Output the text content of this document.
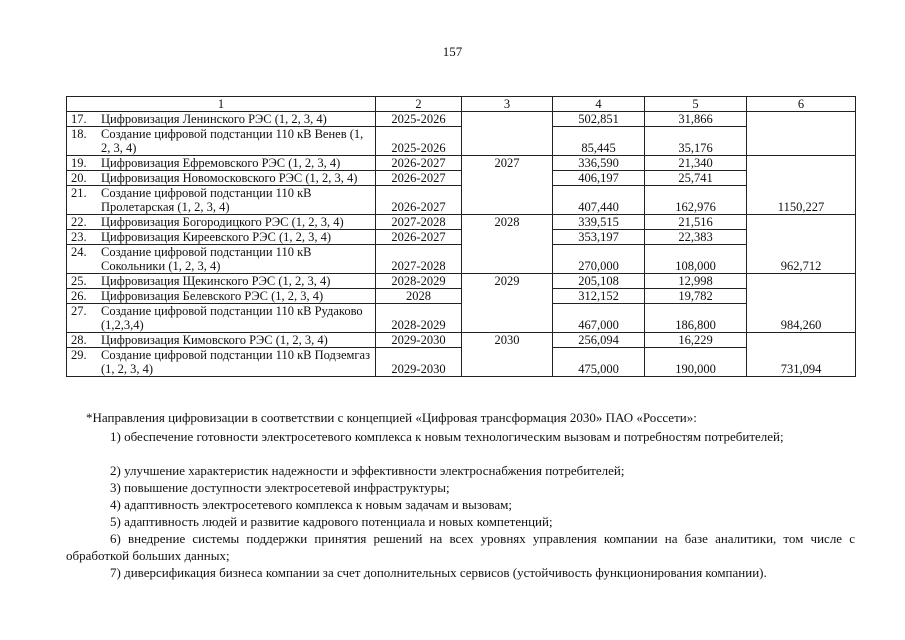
157
1	2	3	4	5	6

17. Цифровизация Ленинского РЭС (1, 2, 3, 4)	2025-2026		502,851	31,866	

18. Создание цифровой подстанции 110 кВ Венев (1, 2, 3, 4)	2025-2026		85,445	35,176	

19. Цифровизация Ефремовского РЭС (1, 2, 3, 4)	2026-2027	2027	336,590	21,340	1150,227

20. Цифровизация Новомосковского РЭС (1, 2, 3, 4)	2026-2027		406,197	25,741	

21. Создание цифровой подстанции 110 кВ Пролетарская (1, 2, 3, 4)	2026-2027		407,440	162,976	

22. Цифровизация Богородицкого РЭС (1, 2, 3, 4)	2027-2028	2028	339,515	21,516	962,712

23. Цифровизация Киреевского РЭС (1, 2, 3, 4)	2026-2027		353,197	22,383	

24. Создание цифровой подстанции 110 кВ Сокольники (1, 2, 3, 4)	2027-2028		270,000	108,000	

25. Цифровизация Щекинского РЭС (1, 2, 3, 4)	2028-2029	2029	205,108	12,998	984,260

26. Цифровизация Белевского РЭС (1, 2, 3, 4)	2028		312,152	19,782	

27. Создание цифровой подстанции 110 кВ Рудаково (1,2,3,4)	2028-2029		467,000	186,800	

28. Цифровизация Кимовского РЭС (1, 2, 3, 4)	2029-2030	2030	256,094	16,229	731,094

29. Создание цифровой подстанции 110 кВ Подземгаз (1, 2, 3, 4)	2029-2030		475,000	190,000	
*Направления цифровизации в соответствии с концепцией «Цифровая трансформация 2030» ПАО «Россети»:
1) обеспечение готовности электросетевого комплекса к новым технологическим вызовам и потребностям потребителей;
2) улучшение характеристик надежности и эффективности электроснабжения потребителей;
3) повышение доступности электросетевой инфраструктуры;
4) адаптивность электросетевого комплекса к новым задачам и вызовам;
5) адаптивность людей и развитие кадрового потенциала и новых компетенций;
6) внедрение системы поддержки принятия решений на всех уровнях управления компании на базе аналитики, том числе с обработкой больших данных;
7) диверсификация бизнеса компании за счет дополнительных сервисов (устойчивость функционирования компании).
